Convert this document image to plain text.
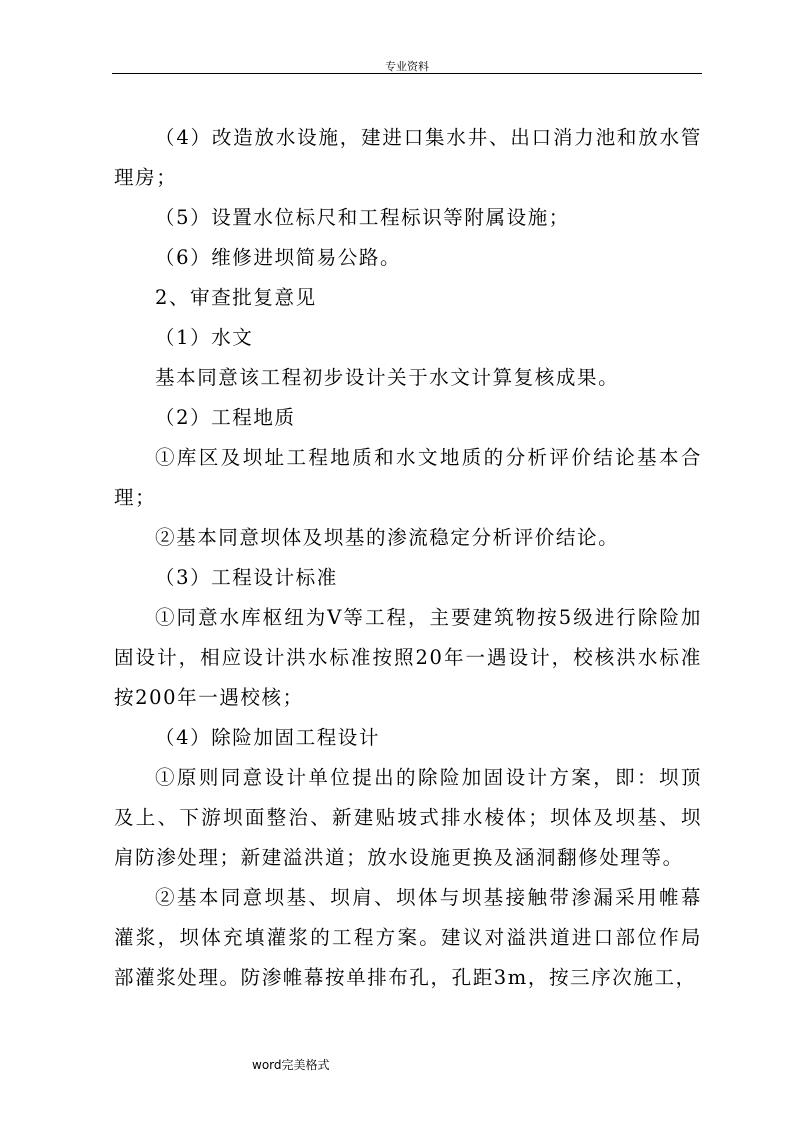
专业资料

（4）改造放水设施，建进口集水井、出口消力池和放水管理房；

（5）设置水位标尺和工程标识等附属设施；

（6）维修进坝简易公路。

2、审查批复意见

（1）水文

基本同意该工程初步设计关于水文计算复核成果。

（2）工程地质

①库区及坝址工程地质和水文地质的分析评价结论基本合理；

②基本同意坝体及坝基的渗流稳定分析评价结论。

（3）工程设计标准

①同意水库枢纽为Ⅴ等工程，主要建筑物按5级进行除险加固设计，相应设计洪水标准按照20年一遇设计，校核洪水标准按200年一遇校核；

（4）除险加固工程设计

①原则同意设计单位提出的除险加固设计方案，即：坝顶及上、下游坝面整治、新建贴坡式排水棱体；坝体及坝基、坝肩防渗处理；新建溢洪道；放水设施更换及涵洞翻修处理等。

②基本同意坝基、坝肩、坝体与坝基接触带渗漏采用帷幕灌浆，坝体充填灌浆的工程方案。建议对溢洪道进口部位作局部灌浆处理。防渗帷幕按单排布孔，孔距3m，按三序次施工，

word完美格式
